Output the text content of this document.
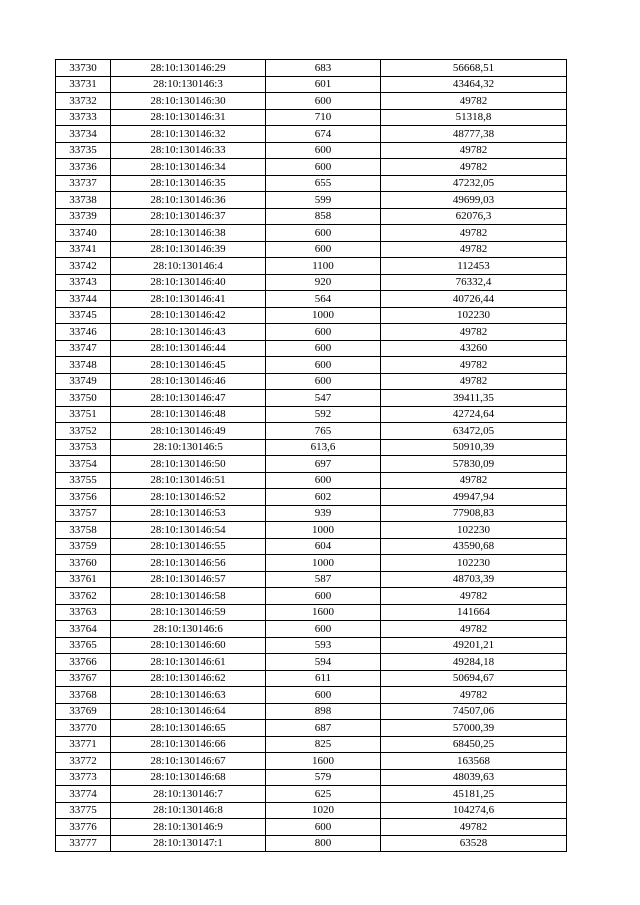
33730	28:10:130146:29	683	56668,51
33731	28:10:130146:3	601	43464,32
33732	28:10:130146:30	600	49782
33733	28:10:130146:31	710	51318,8
33734	28:10:130146:32	674	48777,38
33735	28:10:130146:33	600	49782
33736	28:10:130146:34	600	49782
33737	28:10:130146:35	655	47232,05
33738	28:10:130146:36	599	49699,03
33739	28:10:130146:37	858	62076,3
33740	28:10:130146:38	600	49782
33741	28:10:130146:39	600	49782
33742	28:10:130146:4	1100	112453
33743	28:10:130146:40	920	76332,4
33744	28:10:130146:41	564	40726,44
33745	28:10:130146:42	1000	102230
33746	28:10:130146:43	600	49782
33747	28:10:130146:44	600	43260
33748	28:10:130146:45	600	49782
33749	28:10:130146:46	600	49782
33750	28:10:130146:47	547	39411,35
33751	28:10:130146:48	592	42724,64
33752	28:10:130146:49	765	63472,05
33753	28:10:130146:5	613,6	50910,39
33754	28:10:130146:50	697	57830,09
33755	28:10:130146:51	600	49782
33756	28:10:130146:52	602	49947,94
33757	28:10:130146:53	939	77908,83
33758	28:10:130146:54	1000	102230
33759	28:10:130146:55	604	43590,68
33760	28:10:130146:56	1000	102230
33761	28:10:130146:57	587	48703,39
33762	28:10:130146:58	600	49782
33763	28:10:130146:59	1600	141664
33764	28:10:130146:6	600	49782
33765	28:10:130146:60	593	49201,21
33766	28:10:130146:61	594	49284,18
33767	28:10:130146:62	611	50694,67
33768	28:10:130146:63	600	49782
33769	28:10:130146:64	898	74507,06
33770	28:10:130146:65	687	57000,39
33771	28:10:130146:66	825	68450,25
33772	28:10:130146:67	1600	163568
33773	28:10:130146:68	579	48039,63
33774	28:10:130146:7	625	45181,25
33775	28:10:130146:8	1020	104274,6
33776	28:10:130146:9	600	49782
33777	28:10:130147:1	800	63528
